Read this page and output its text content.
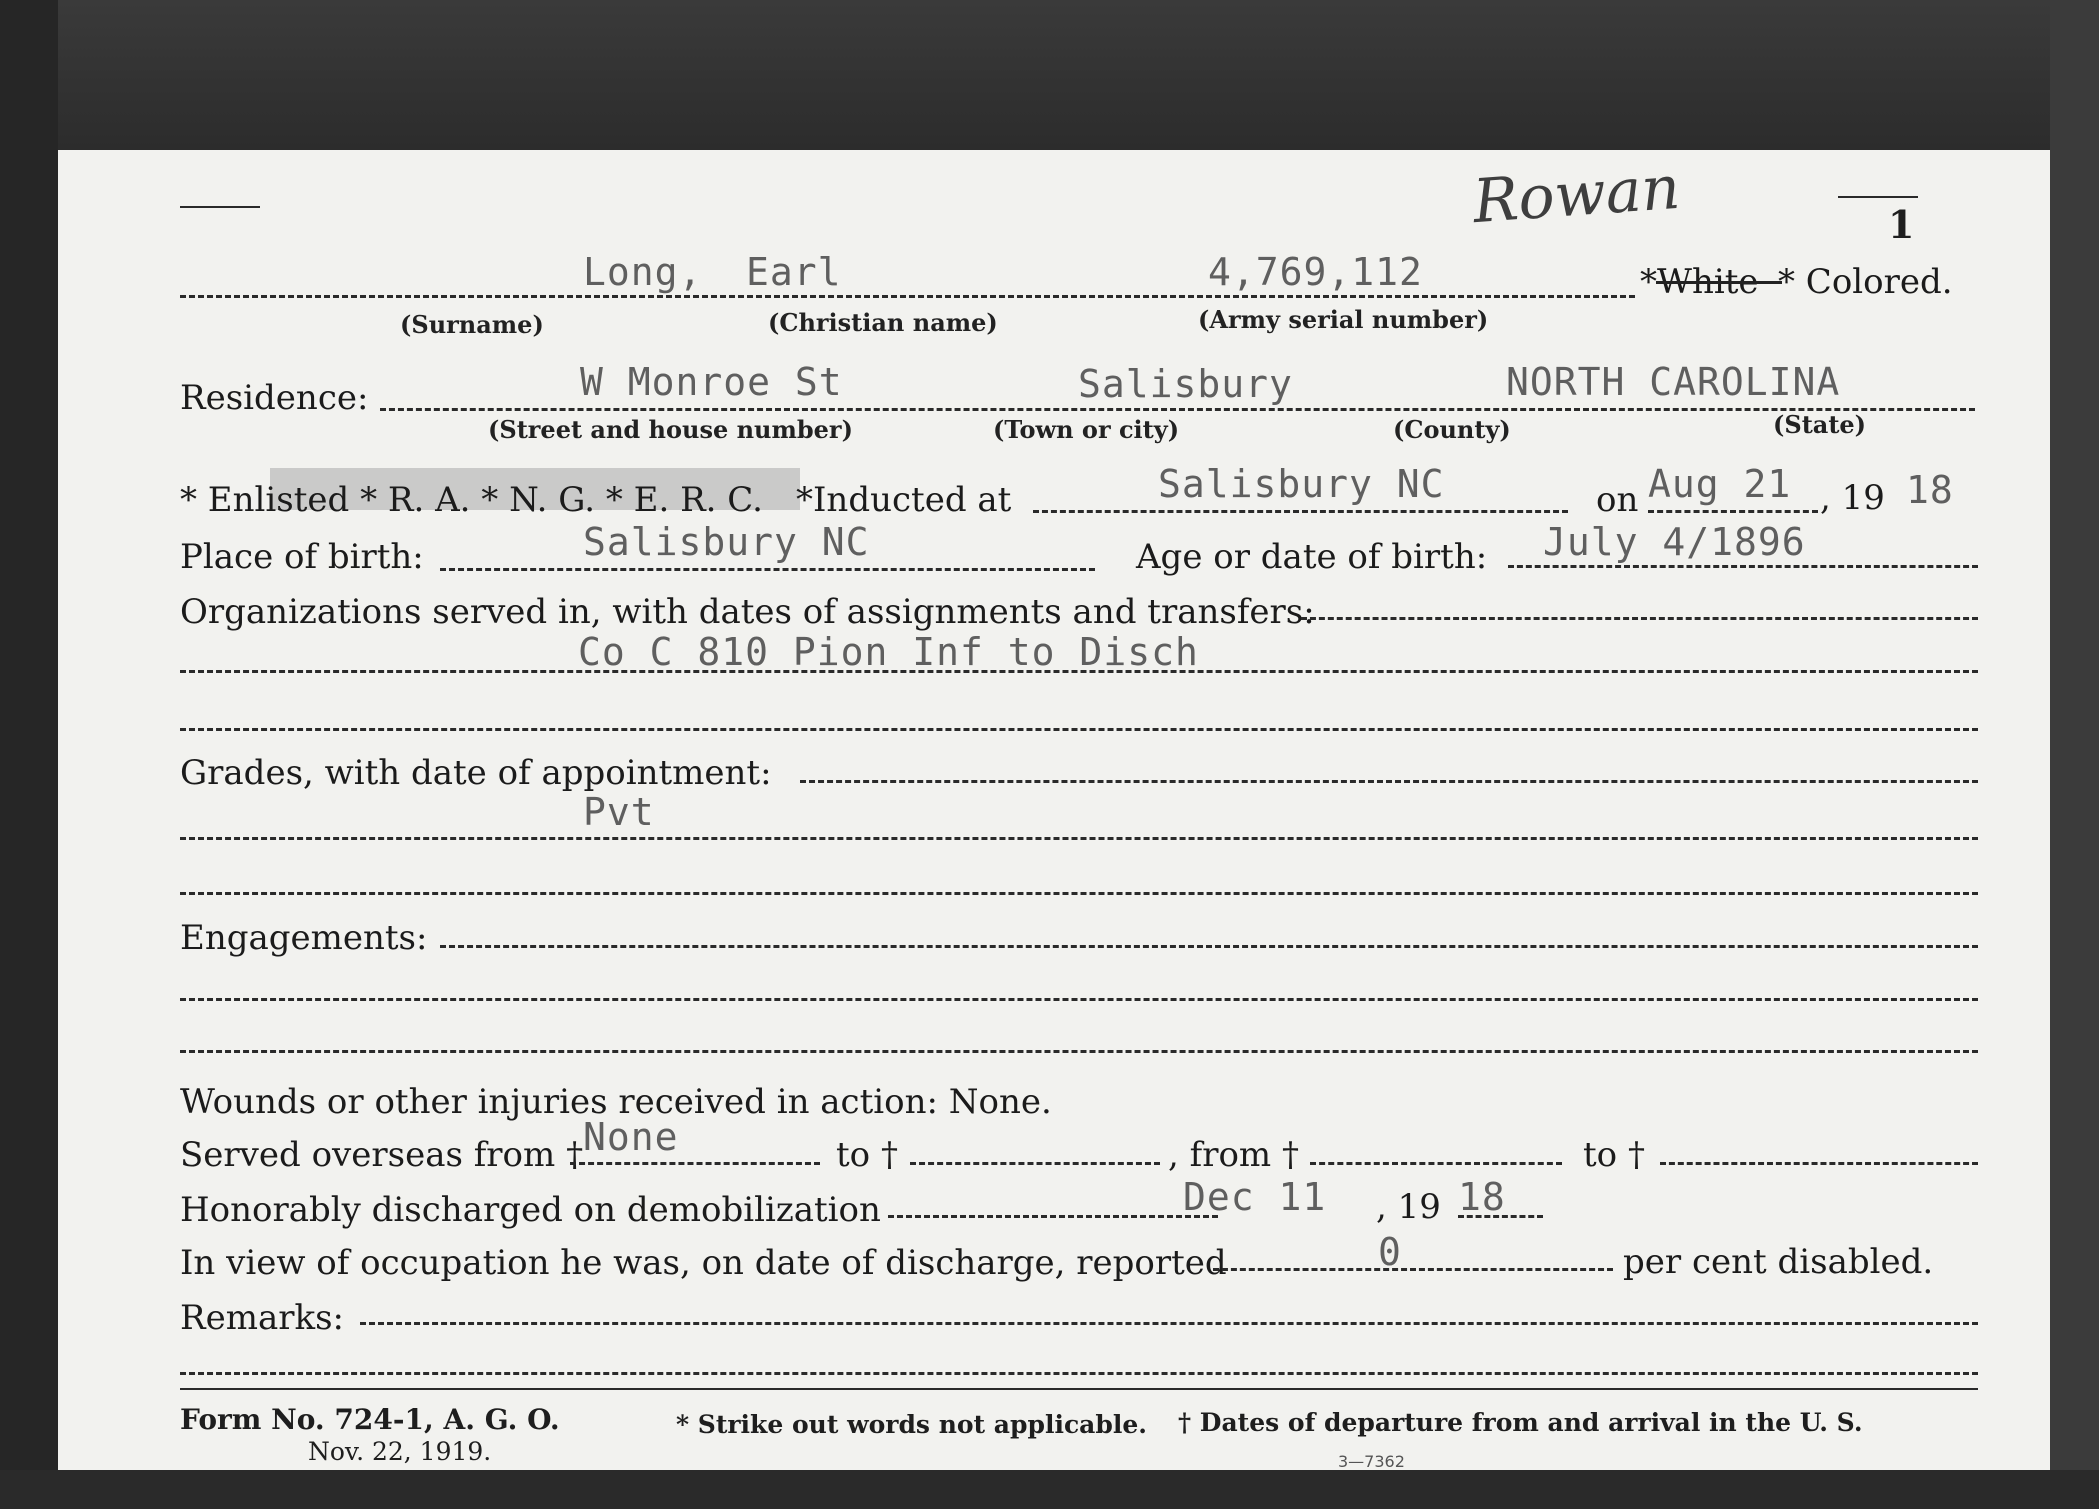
1
Rowan
Long, Earl	4,769,112	*White * Colored.
(Surname)	(Christian name)	(Army serial number)
Residence:	W Monroe St	Salisbury	NORTH CAROLINA
(Street and house number)	(Town or city)	(County)	(State)
* Enlisted * R. A. * N. G. * E. R. C. *Inducted at	Salisbury NC	on Aug 21 , 19 18
Place of birth:	Salisbury NC	Age or date of birth: July 4/1896
Organizations served in, with dates of assignments and transfers:
Co C 810 Pion Inf to Disch
Grades, with date of appointment:
Pvt
Engagements:
Wounds or other injuries received in action: None.
Served overseas from † None	to †	, from †	to †
Honorably discharged on demobilization	Dec 11 , 19 18
In view of occupation he was, on date of discharge, reported	0	per cent disabled.
Remarks:
Form No. 724-1, A. G. O.
Nov. 22, 1919.
* Strike out words not applicable. † Dates of departure from and arrival in the U. S.
3—7362
